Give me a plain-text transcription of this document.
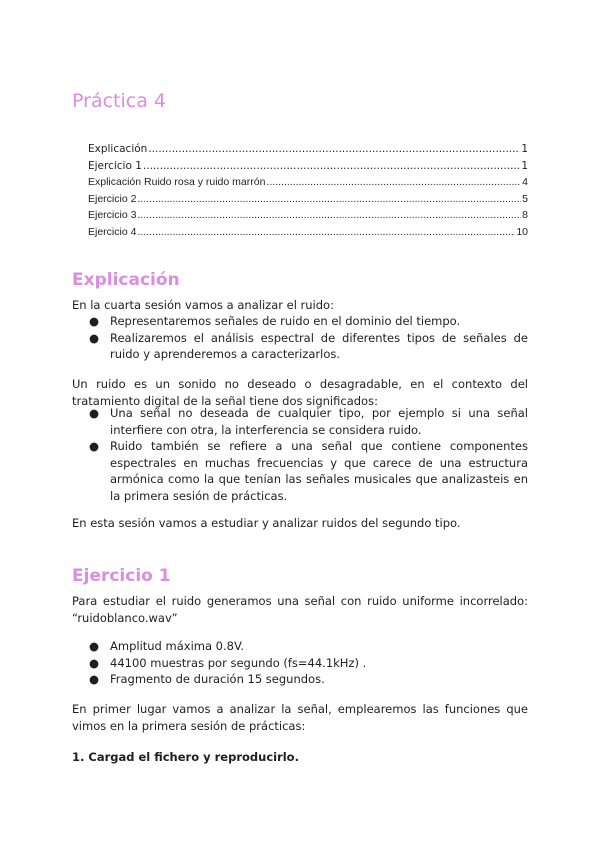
Práctica 4
Explicación .....	1
Ejercicio 1 .....	1
Explicación Ruido rosa y ruido marrón .....	4
Ejercicio 2 .....	5
Ejercicio 3 .....	8
Ejercicio 4 .....	10
Explicación
En la cuarta sesión vamos a analizar el ruido:
● Representaremos señales de ruido en el dominio del tiempo.
● Realizaremos el análisis espectral de diferentes tipos de señales de ruido y aprenderemos a caracterizarlos.
Un ruido es un sonido no deseado o desagradable, en el contexto del tratamiento digital de la señal tiene dos significados:
● Una señal no deseada de cualquier tipo, por ejemplo si una señal interfiere con otra, la interferencia se considera ruido.
● Ruido también se refiere a una señal que contiene componentes espectrales en muchas frecuencias y que carece de una estructura armónica como la que tenían las señales musicales que analizasteis en la primera sesión de prácticas.
En esta sesión vamos a estudiar y analizar ruidos del segundo tipo.
Ejercicio 1
Para estudiar el ruido generamos una señal con ruido uniforme incorrelado: “ruidoblanco.wav”
● Amplitud máxima 0.8V.
● 44100 muestras por segundo (fs=44.1kHz) .
● Fragmento de duración 15 segundos.
En primer lugar vamos a analizar la señal, emplearemos las funciones que vimos en la primera sesión de prácticas:
1. Cargad el fichero y reproducirlo.
